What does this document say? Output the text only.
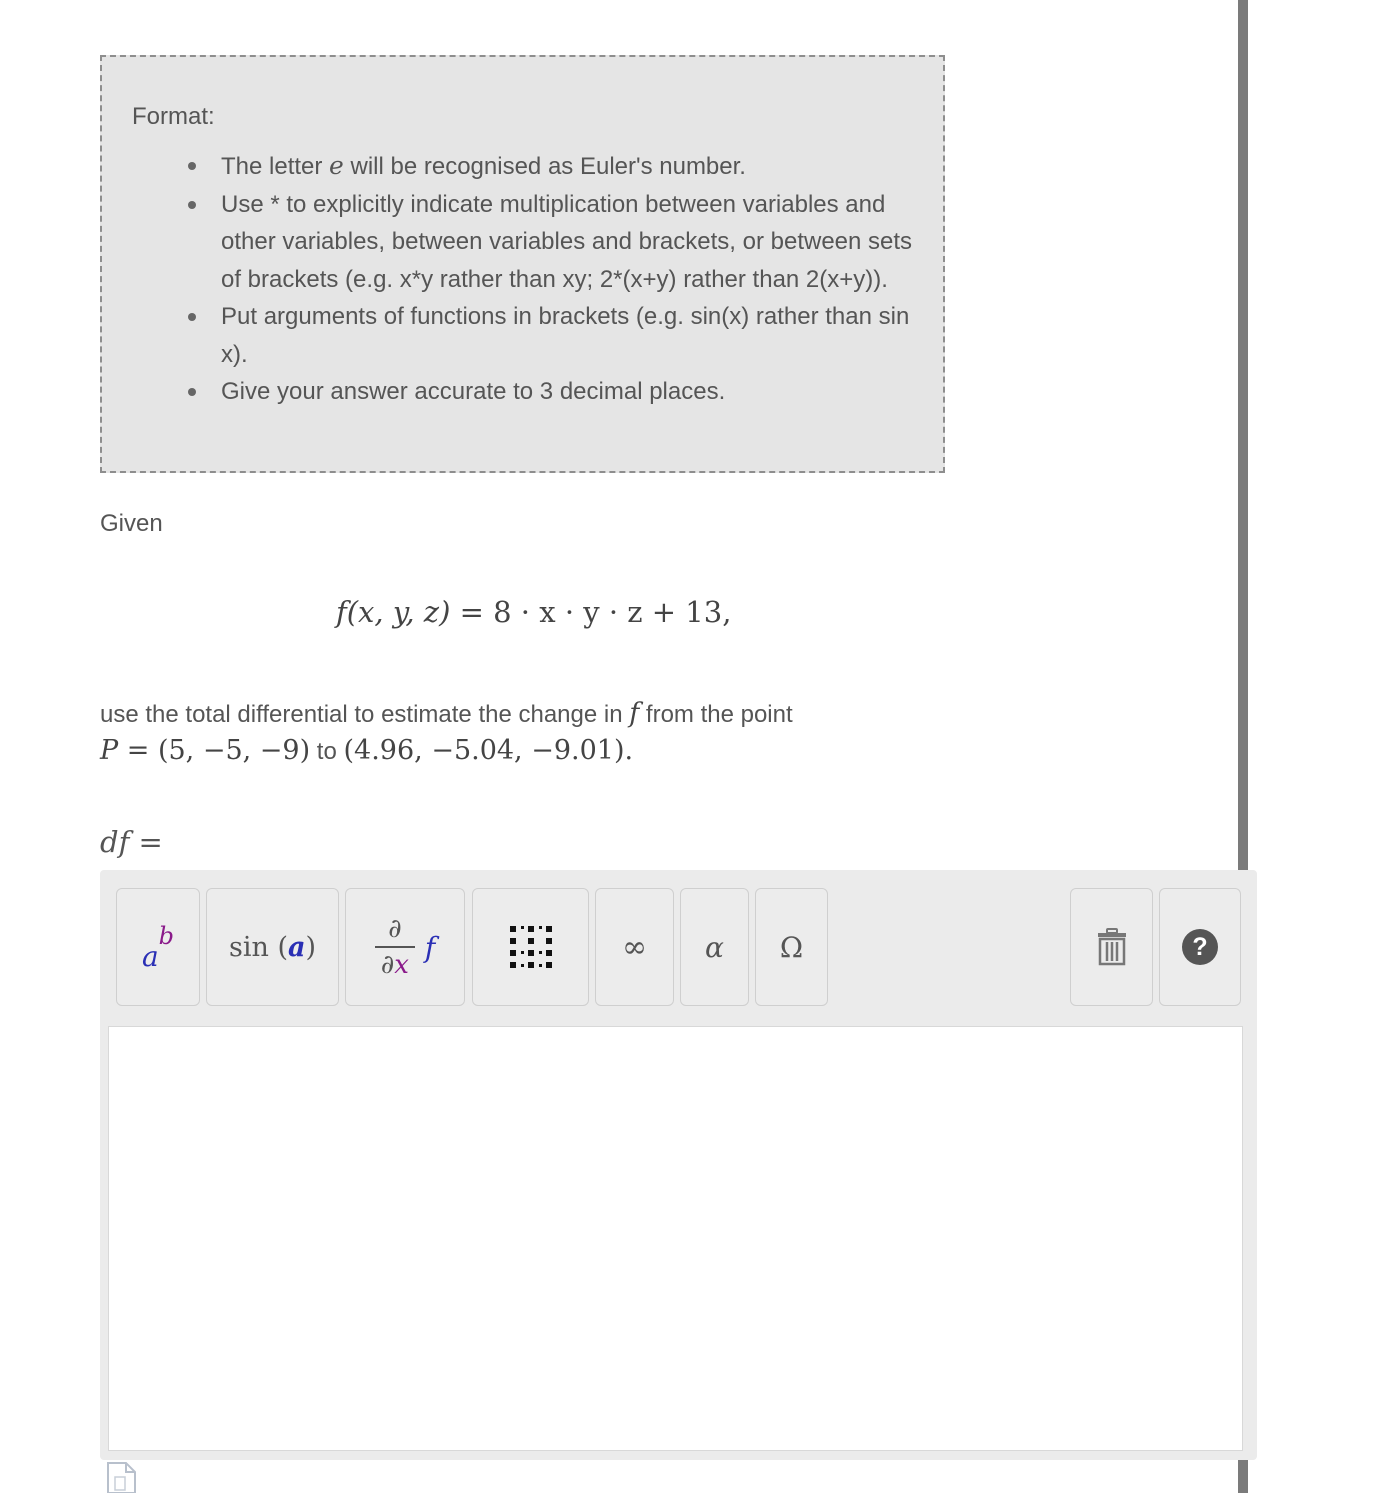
Format:
The letter e will be recognised as Euler's number.
Use * to explicitly indicate multiplication between variables and other variables, between variables and brackets, or between sets of brackets (e.g. x*y rather than xy; 2*(x+y) rather than 2(x+y)).
Put arguments of functions in brackets (e.g. sin(x) rather than sin x).
Give your answer accurate to 3 decimal places.
Given
f(x, y, z) = 8 · x · y · z + 13,
use the total differential to estimate the change in f from the point
P = (5, −5, −9) to (4.96, −5.04, −9.01).
df =
a
b sin ( a )	$\frac{\partial}{\partial x}$ f	∞ α Ω	?
